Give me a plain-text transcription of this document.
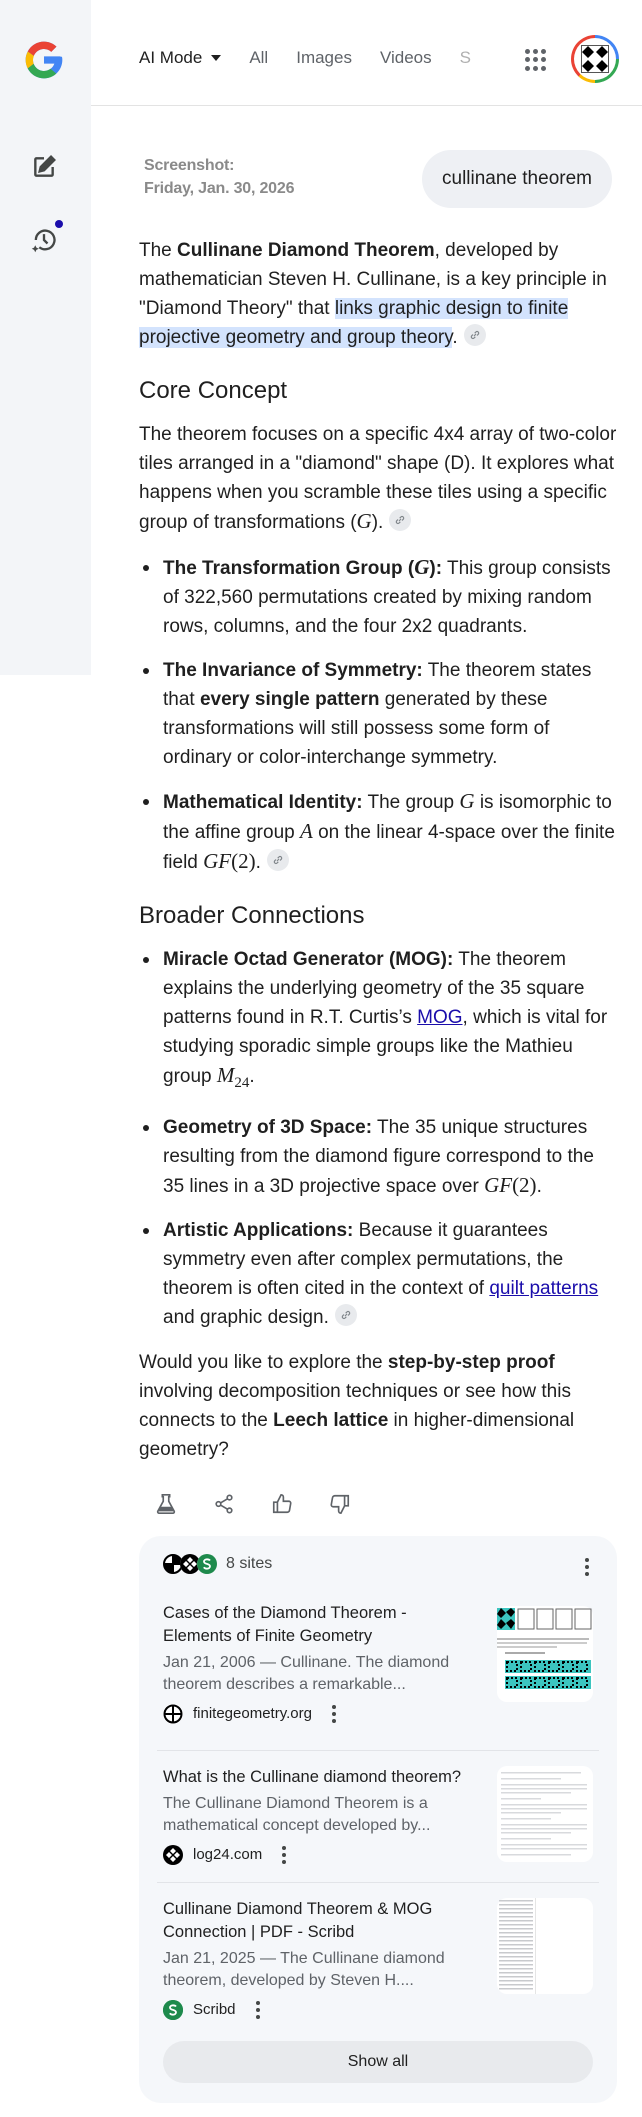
AI Mode	All Images Videos S
Screenshot:
Friday, Jan. 30, 2026	cullinane theorem

The Cullinane Diamond Theorem, developed by mathematician Steven H. Cullinane, is a key principle in "Diamond Theory" that links graphic design to finite projective geometry and group theory.

Core Concept

The theorem focuses on a specific 4x4 array of two-color tiles arranged in a "diamond" shape (D). It explores what happens when you scramble these tiles using a specific group of transformations (G).

The Transformation Group (G): This group consists of 322,560 permutations created by mixing random rows, columns, and the four 2x2 quadrants.
The Invariance of Symmetry: The theorem states that every single pattern generated by these transformations will still possess some form of ordinary or color-interchange symmetry.
Mathematical Identity: The group G is isomorphic to the affine group A on the linear 4-space over the finite field GF(2).
Broader Connections
Miracle Octad Generator (MOG): The theorem explains the underlying geometry of the 35 square patterns found in R.T. Curtis’s MOG, which is vital for studying sporadic simple groups like the Mathieu group $M_{24}$.
Geometry of 3D Space: The 35 unique structures resulting from the diamond figure correspond to the 35 lines in a 3D projective space over GF(2).
Artistic Applications: Because it guarantees symmetry even after complex permutations, the theorem is often cited in the context of quilt patterns and graphic design.

Would you like to explore the step-by-step proof involving decomposition techniques or see how this connects to the Leech lattice in higher-dimensional geometry?

8 sites
Cases of the Diamond Theorem - Elements of Finite Geometry
Jan 21, 2006 — Cullinane. The diamond theorem describes a remarkable...
finitegeometry.org
What is the Cullinane diamond theorem?
The Cullinane Diamond Theorem is a mathematical concept developed by...
log24.com
Cullinane Diamond Theorem & MOG Connection | PDF - Scribd
Jan 21, 2025 — The Cullinane diamond theorem, developed by Steven H....
Scribd
Show all
